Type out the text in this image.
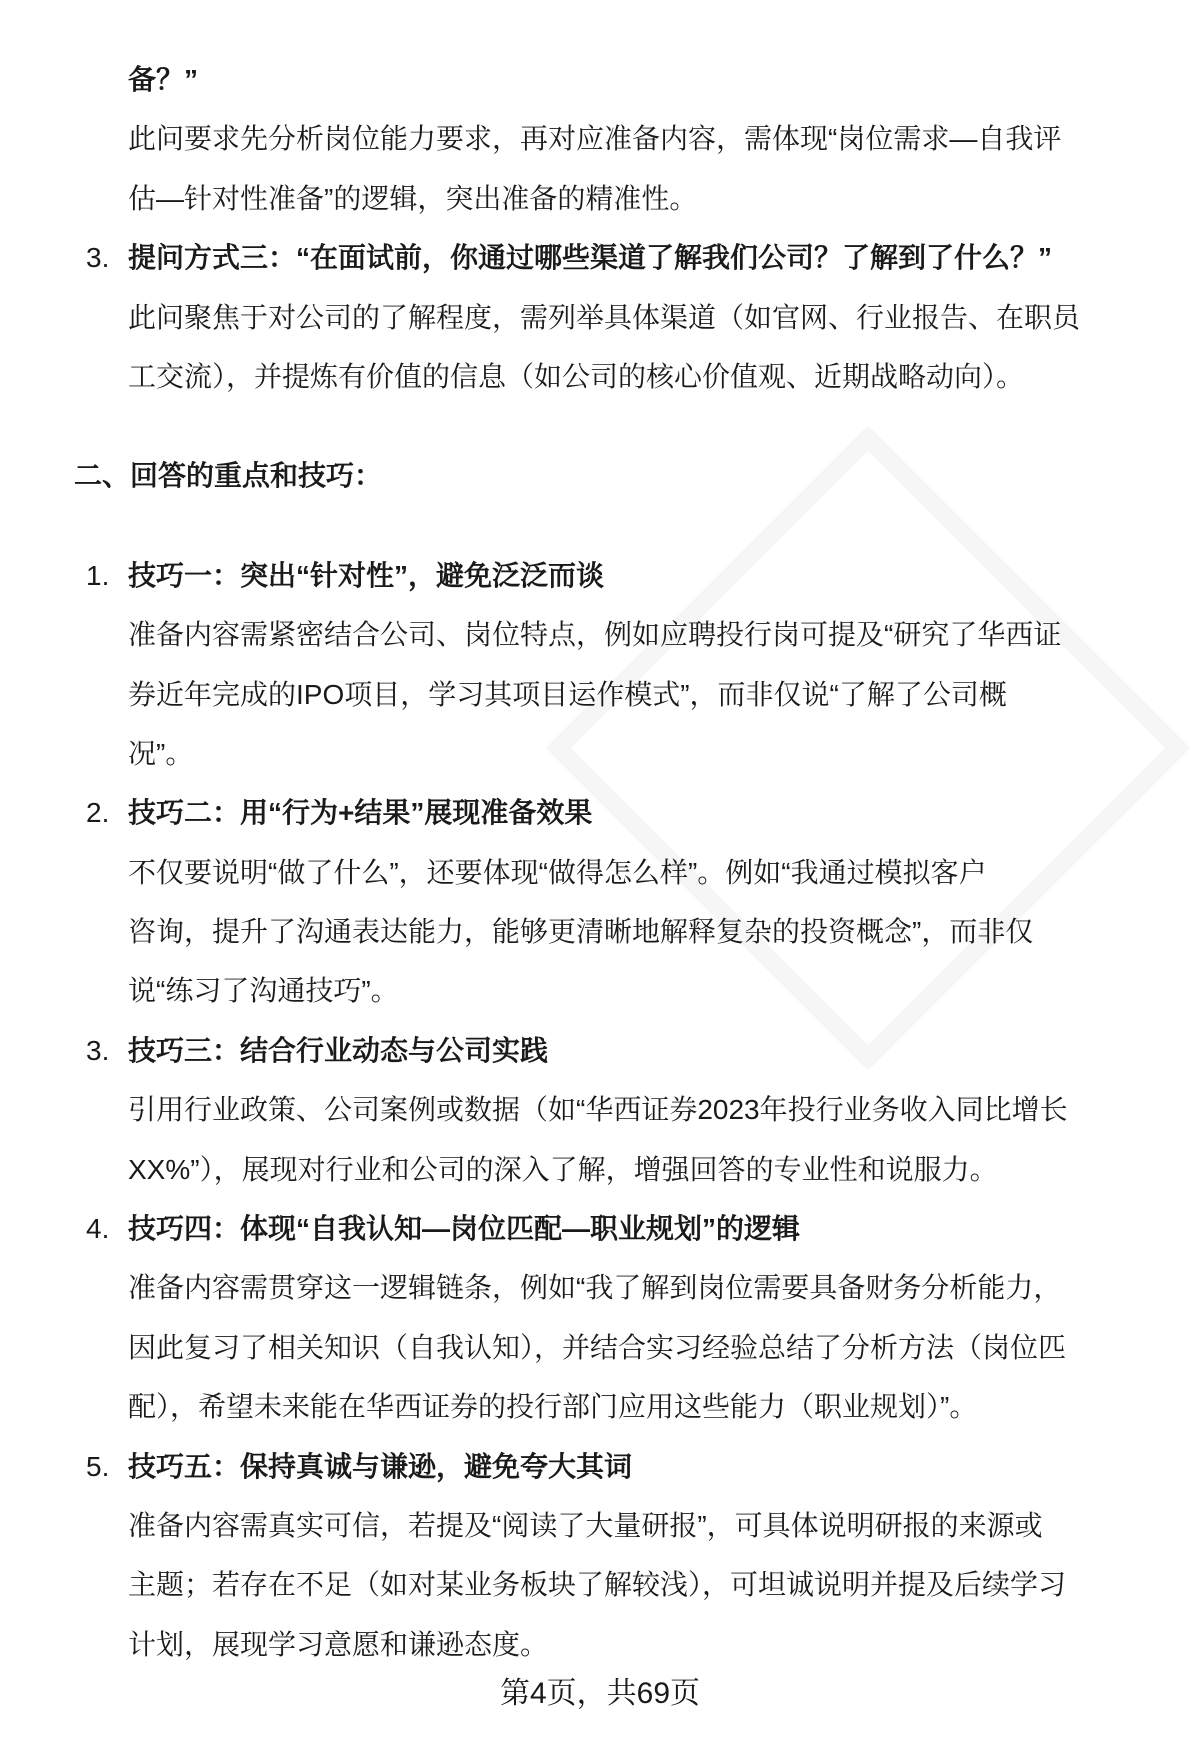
备？”
此问要求先分析岗位能力要求，再对应准备内容，需体现“岗位需求—自我评
估—针对性准备”的逻辑，突出准备的精准性。
3. 提问方式三：“在面试前，你通过哪些渠道了解我们公司？了解到了什么？”
此问聚焦于对公司的了解程度，需列举具体渠道（如官网、行业报告、在职员
工交流），并提炼有价值的信息（如公司的核心价值观、近期战略动向）。
二、回答的重点和技巧：
1. 技巧一：突出“针对性”，避免泛泛而谈
准备内容需紧密结合公司、岗位特点，例如应聘投行岗可提及“研究了华西证
券近年完成的IPO项目，学习其项目运作模式”，而非仅说“了解了公司概
况”。
2. 技巧二：用“行为+结果”展现准备效果
不仅要说明“做了什么”，还要体现“做得怎么样”。例如“我通过模拟客户
咨询，提升了沟通表达能力，能够更清晰地解释复杂的投资概念”，而非仅
说“练习了沟通技巧”。
3. 技巧三：结合行业动态与公司实践
引用行业政策、公司案例或数据（如“华西证券2023年投行业务收入同比增长
XX%”），展现对行业和公司的深入了解，增强回答的专业性和说服力。
4. 技巧四：体现“自我认知—岗位匹配—职业规划”的逻辑
准备内容需贯穿这一逻辑链条，例如“我了解到岗位需要具备财务分析能力，
因此复习了相关知识（自我认知），并结合实习经验总结了分析方法（岗位匹
配），希望未来能在华西证券的投行部门应用这些能力（职业规划）”。
5. 技巧五：保持真诚与谦逊，避免夸大其词
准备内容需真实可信，若提及“阅读了大量研报”，可具体说明研报的来源或
主题；若存在不足（如对某业务板块了解较浅），可坦诚说明并提及后续学习
计划，展现学习意愿和谦逊态度。
第4页，共69页
